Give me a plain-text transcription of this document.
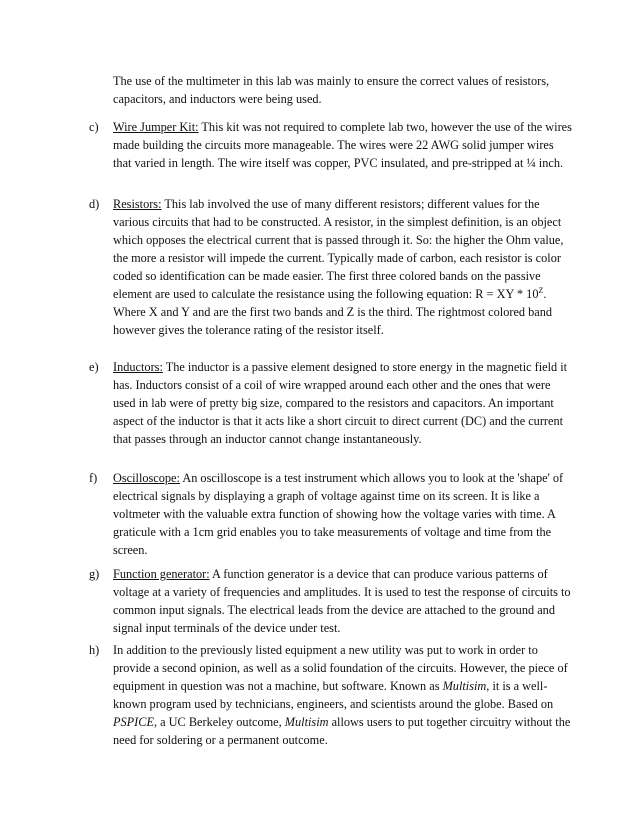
The use of the multimeter in this lab was mainly to ensure the correct values of resistors, capacitors, and inductors were being used.

c) Wire Jumper Kit: This kit was not required to complete lab two, however the use of the wires made building the circuits more manageable. The wires were 22 AWG solid jumper wires that varied in length. The wire itself was copper, PVC insulated, and pre-stripped at ¼ inch.

d) Resistors: This lab involved the use of many different resistors; different values for the various circuits that had to be constructed. A resistor, in the simplest definition, is an object which opposes the electrical current that is passed through it. So: the higher the Ohm value, the more a resistor will impede the current. Typically made of carbon, each resistor is color coded so identification can be made easier. The first three colored bands on the passive element are used to calculate the resistance using the following equation: R = XY * $10^Z$. Where X and Y and are the first two bands and Z is the third. The rightmost colored band however gives the tolerance rating of the resistor itself.

e) Inductors: The inductor is a passive element designed to store energy in the magnetic field it has. Inductors consist of a coil of wire wrapped around each other and the ones that were used in lab were of pretty big size, compared to the resistors and capacitors. An important aspect of the inductor is that it acts like a short circuit to direct current (DC) and the current that passes through an inductor cannot change instantaneously.

f) Oscilloscope: An oscilloscope is a test instrument which allows you to look at the 'shape' of electrical signals by displaying a graph of voltage against time on its screen. It is like a voltmeter with the valuable extra function of showing how the voltage varies with time. A graticule with a 1cm grid enables you to take measurements of voltage and time from the screen.

g) Function generator: A function generator is a device that can produce various patterns of voltage at a variety of frequencies and amplitudes. It is used to test the response of circuits to common input signals. The electrical leads from the device are attached to the ground and signal input terminals of the device under test.

h) In addition to the previously listed equipment a new utility was put to work in order to provide a second opinion, as well as a solid foundation of the circuits. However, the piece of equipment in question was not a machine, but software. Known as Multisim, it is a well-known program used by technicians, engineers, and scientists around the globe. Based on PSPICE, a UC Berkeley outcome, Multisim allows users to put together circuitry without the need for soldering or a permanent outcome.
